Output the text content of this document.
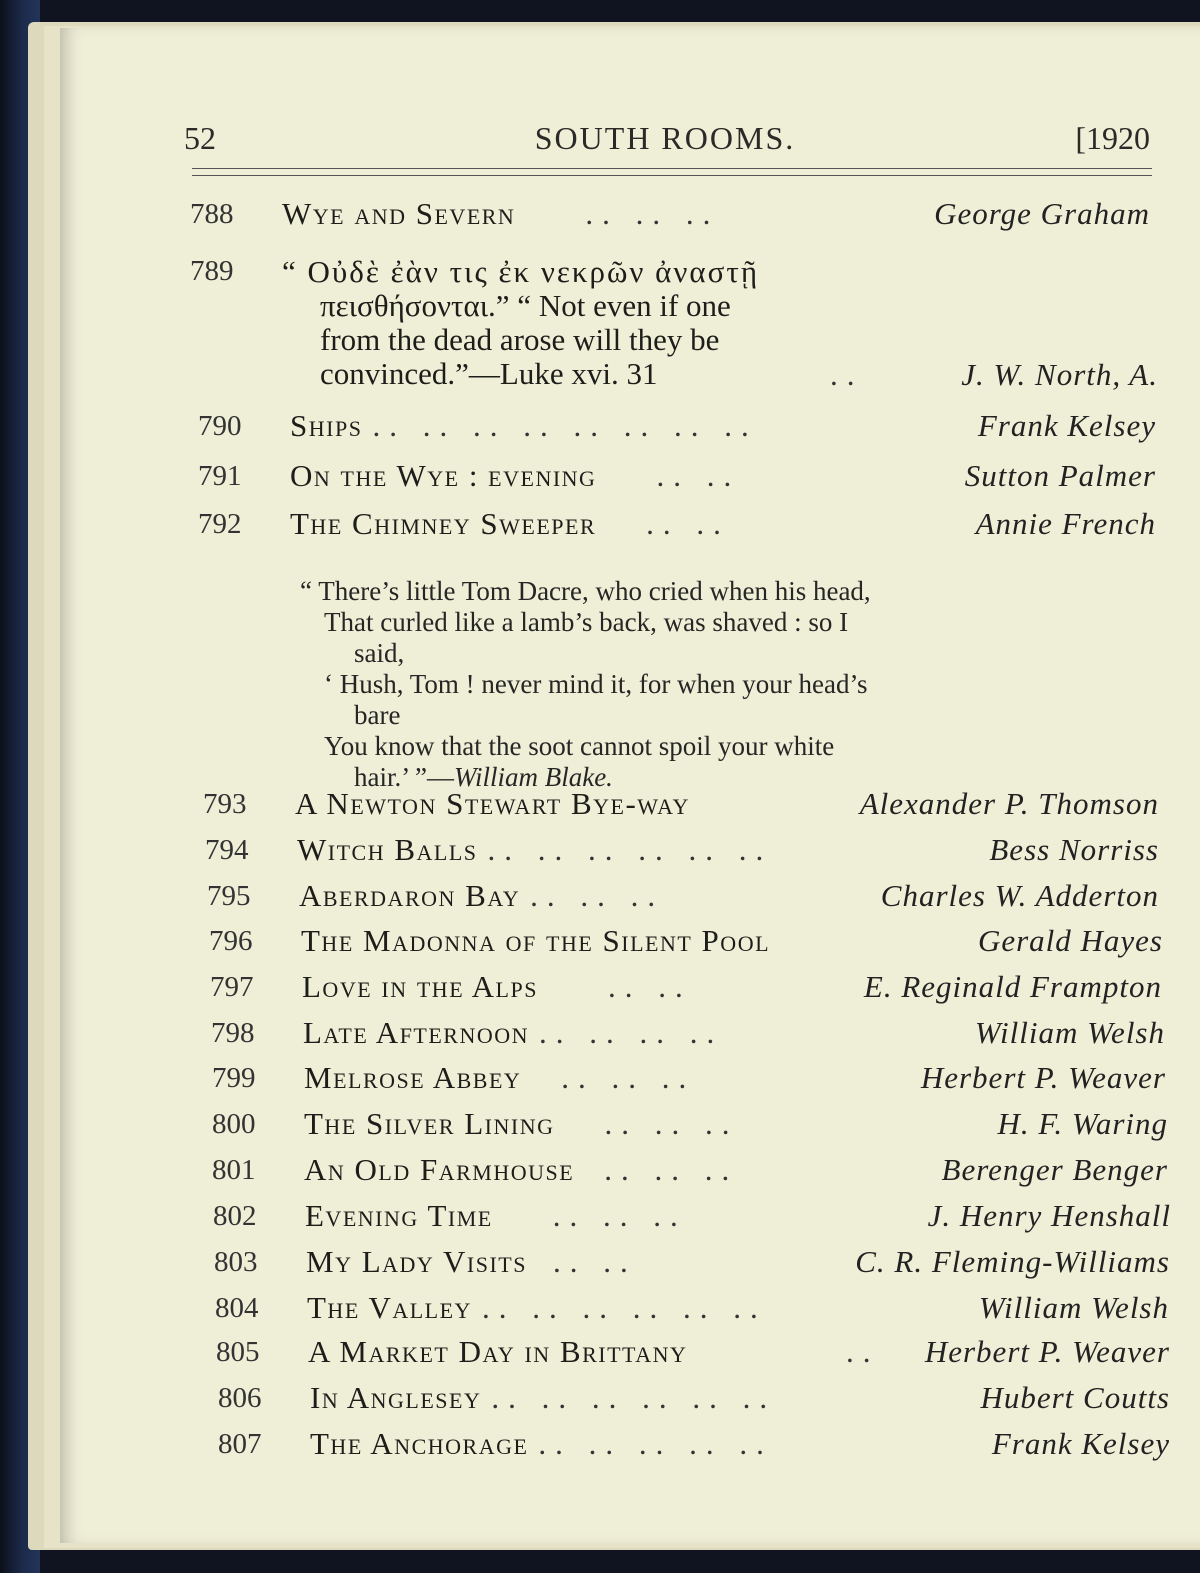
52	SOUTH ROOMS.	[1920
788 Wye and Severn .. .. ..	George Graham
789 “ Οὐδὲ ἐὰν τις ἐκ νεκρῶν ἀναστῇ
πεισθήσονται.” “ Not even if one
from the dead arose will they be
convinced.”—Luke xvi. 31	..	J. W. North, A.
790 Ships .. .. .. .. .. .. .. ..	Frank Kelsey
791 On the Wye : evening .. ..	Sutton Palmer
792 The Chimney Sweeper .. ..	Annie French
“ There’s little Tom Dacre, who cried when his head,
That curled like a lamb’s back, was shaved : so I
said,
‘ Hush, Tom ! never mind it, for when your head’s
bare
You know that the soot cannot spoil your white
hair.’ ”—William Blake.
793 A Newton Stewart Bye-way	Alexander P. Thomson
794 Witch Balls .. .. .. .. .. ..	Bess Norriss
795 Aberdaron Bay .. .. ..	Charles W. Adderton
796 The Madonna of the Silent Pool	Gerald Hayes
797 Love in the Alps .. ..	E. Reginald Frampton
798 Late Afternoon .. .. .. ..	William Welsh
799 Melrose Abbey .. .. ..	Herbert P. Weaver
800 The Silver Lining .. .. ..	H. F. Waring
801 An Old Farmhouse .. .. ..	Berenger Benger
802 Evening Time .. .. ..	J. Henry Henshall
803 My Lady Visits .. ..	C. R. Fleming-Williams
804 The Valley .. .. .. .. .. ..	William Welsh
805 A Market Day in Brittany	.. Herbert P. Weaver
806 In Anglesey .. .. .. .. .. ..	Hubert Coutts
807 The Anchorage .. .. .. .. ..	Frank Kelsey
